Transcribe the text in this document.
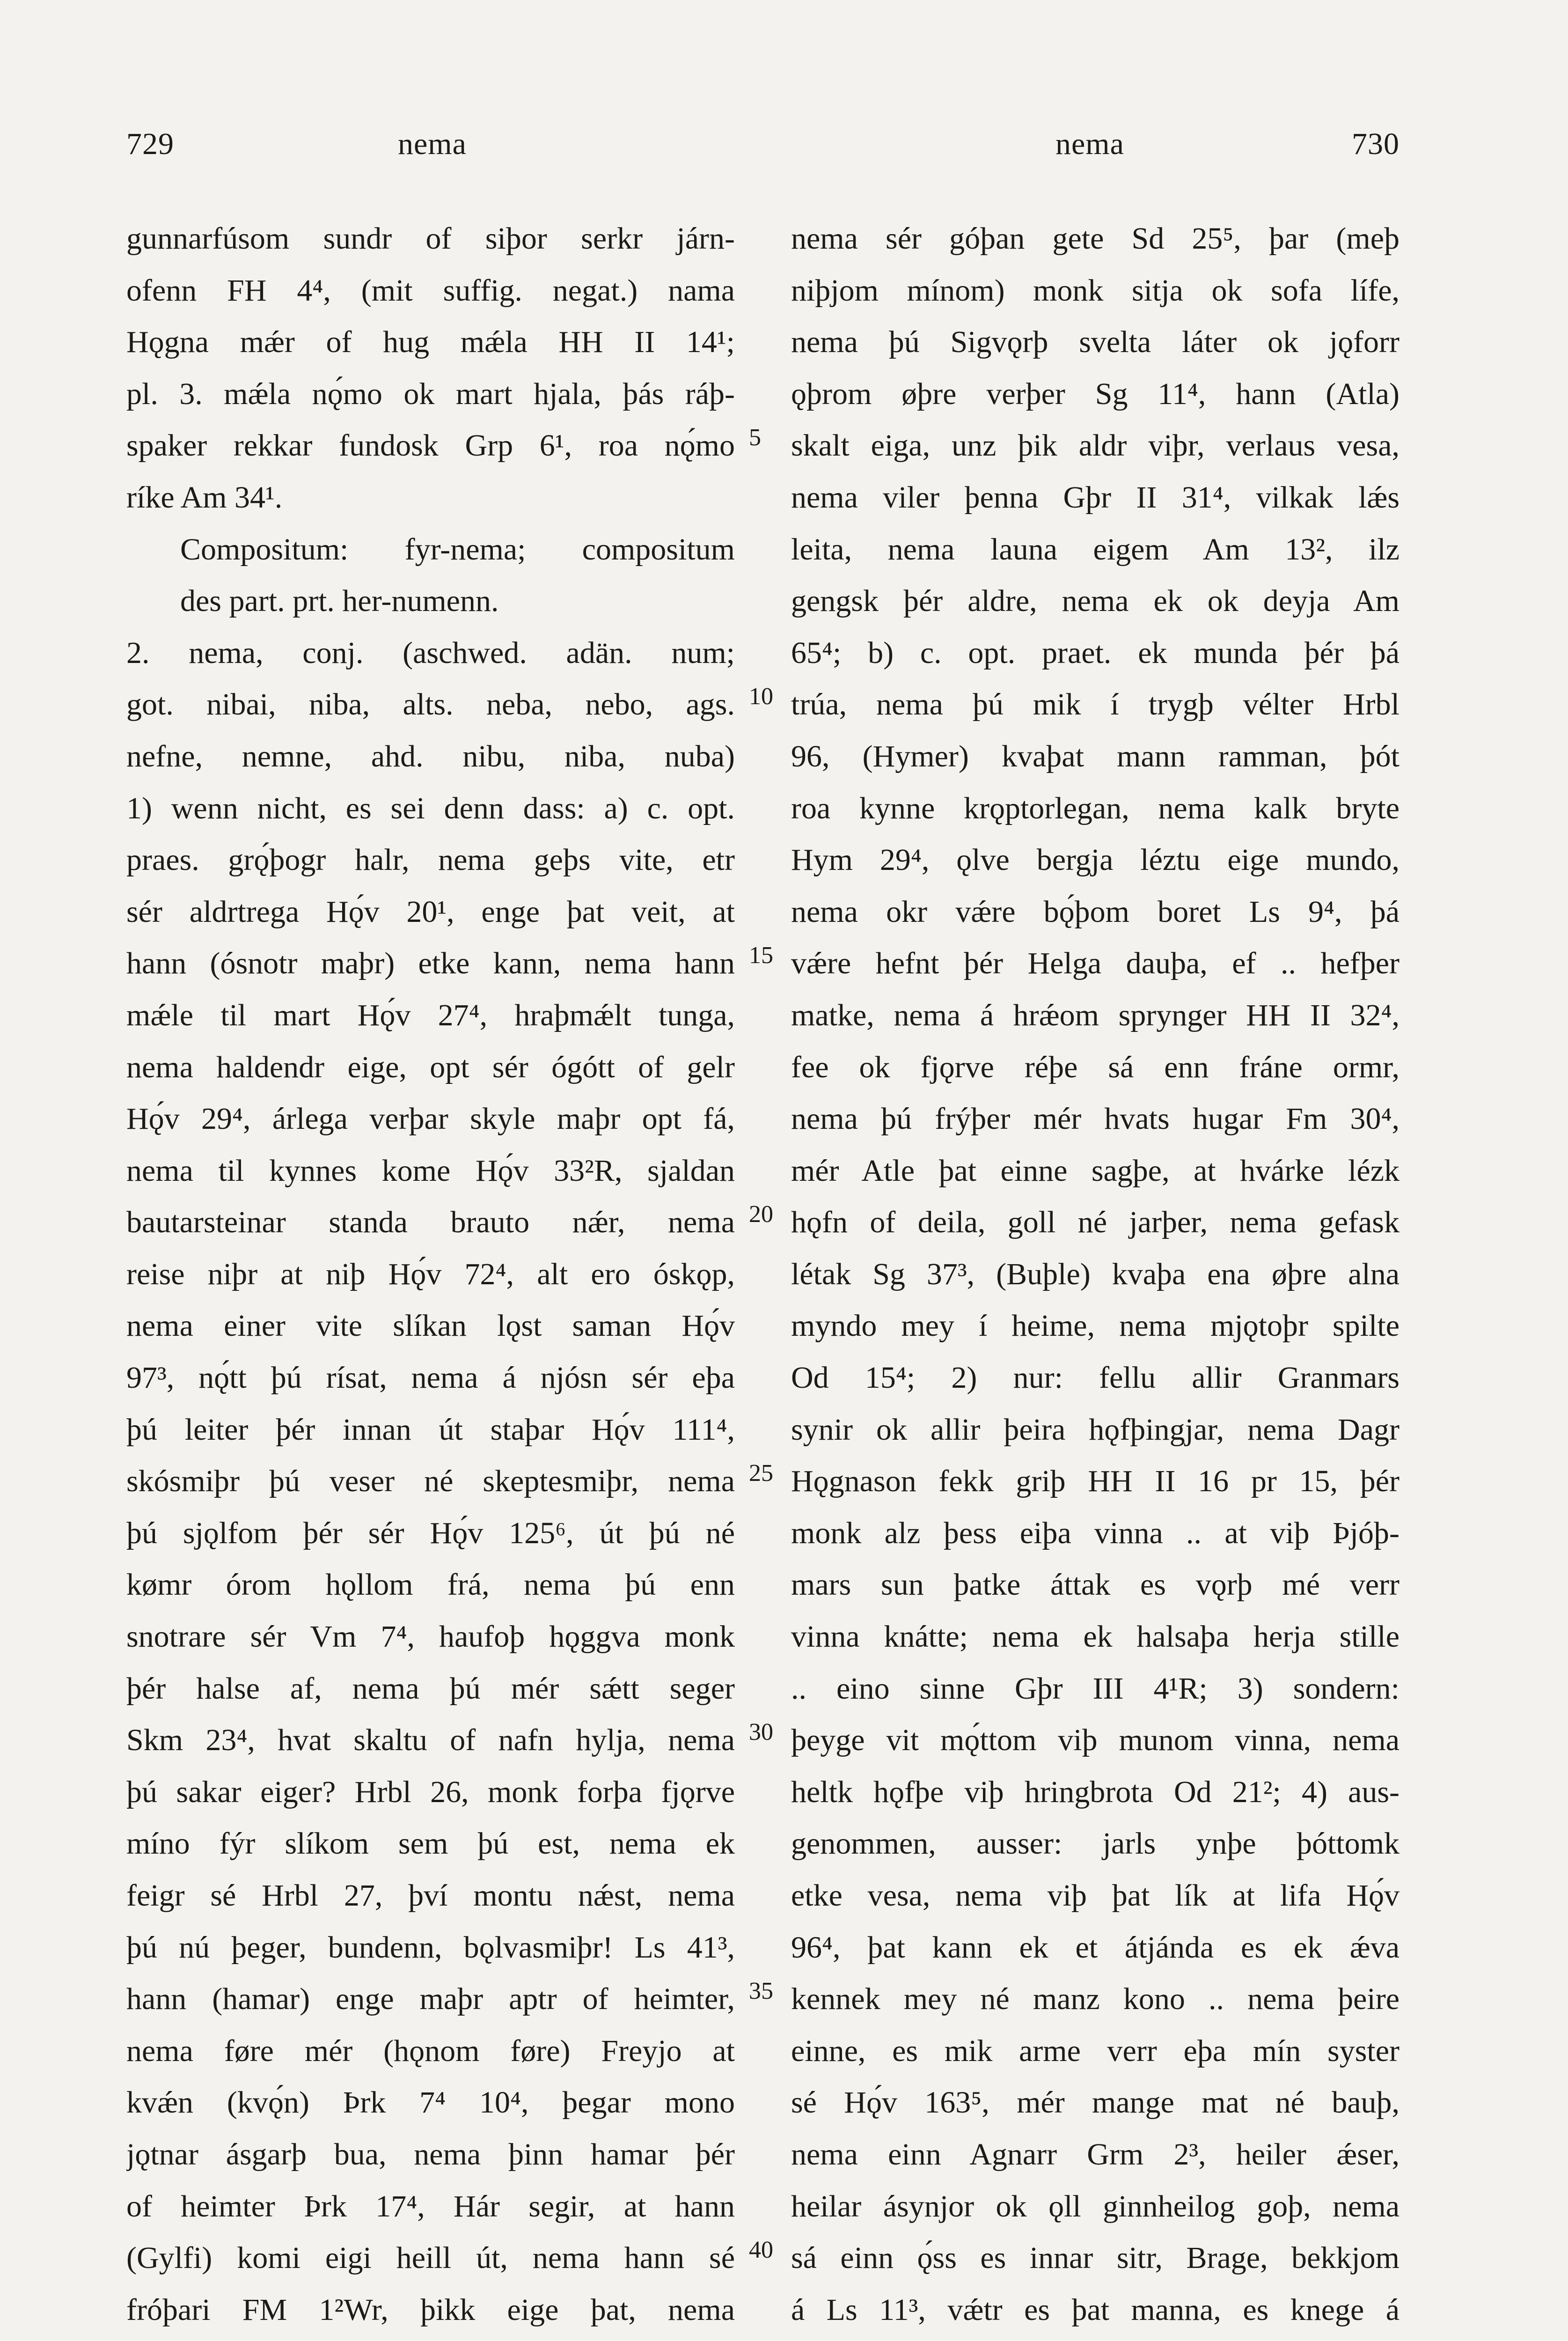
729	nema	nema	730
gunnarfúsom sundr of siþor serkr járn-
ofenn FH 4⁴, (mit suffig. negat.) nama
Hǫgna mǽr of hug mǽla HH II 14¹;
pl. 3. mǽla nǫ́mo ok mart hjala, þás ráþ-
spaker rekkar fundosk Grp 6¹, roa nǫ́mo
ríke Am 34¹.
Compositum: fyr-nema; compositum
des part. prt. her-numenn.
2. nema, conj. (aschwed. adän. num;
got. nibai, niba, alts. neba, nebo, ags.
nefne, nemne, ahd. nibu, niba, nuba)
1) wenn nicht, es sei denn dass: a) c. opt.
praes. grǫ́þogr halr, nema geþs vite, etr
sér aldrtrega Hǫ́v 20¹, enge þat veit, at
hann (ósnotr maþr) etke kann, nema hann
mǽle til mart Hǫ́v 27⁴, hraþmǽlt tunga,
nema haldendr eige, opt sér ógótt of gelr
Hǫ́v 29⁴, árlega verþar skyle maþr opt fá,
nema til kynnes kome Hǫ́v 33²R, sjaldan
bautarsteinar standa brauto nǽr, nema
reise niþr at niþ Hǫ́v 72⁴, alt ero óskǫp,
nema einer vite slíkan lǫst saman Hǫ́v
97³, nǫ́tt þú rísat, nema á njósn sér eþa
þú leiter þér innan út staþar Hǫ́v 111⁴,
skósmiþr þú veser né skeptesmiþr, nema
þú sjǫlfom þér sér Hǫ́v 125⁶, út þú né
kømr órom hǫllom frá, nema þú enn
snotrare sér Vm 7⁴, haufoþ hǫggva monk
þér halse af, nema þú mér sǽtt seger
Skm 23⁴, hvat skaltu of nafn hylja, nema
þú sakar eiger? Hrbl 26, monk forþa fjǫrve
míno fýr slíkom sem þú est, nema ek
feigr sé Hrbl 27, því montu nǽst, nema
þú nú þeger, bundenn, bǫlvasmiþr! Ls 41³,
hann (hamar) enge maþr aptr of heimter,
nema føre mér (hǫnom føre) Freyjo at
kvǽn (kvǫ́n) Þrk 7⁴ 10⁴, þegar mono
jǫtnar ásgarþ bua, nema þinn hamar þér
of heimter Þrk 17⁴, Hár segir, at hann
(Gylfi) komi eigi heill út, nema hann sé
fróþari FM 1²Wr, þikk eige þat, nema
5
10
15
20
25
30
35
40
nema sér góþan gete Sd 25⁵, þar (meþ
niþjom mínom) monk sitja ok sofa lífe,
nema þú Sigvǫrþ svelta láter ok jǫforr
ǫþrom øþre verþer Sg 11⁴, hann (Atla)
skalt eiga, unz þik aldr viþr, verlaus vesa,
nema viler þenna Gþr II 31⁴, vilkak lǽs
leita, nema launa eigem Am 13², ilz
gengsk þér aldre, nema ek ok deyja Am
65⁴; b) c. opt. praet. ek munda þér þá
trúa, nema þú mik í trygþ vélter Hrbl
96, (Hymer) kvaþat mann ramman, þót
roa kynne krǫptorlegan, nema kalk bryte
Hym 29⁴, ǫlve bergja léztu eige mundo,
nema okr vǽre bǫ́þom boret Ls 9⁴, þá
vǽre hefnt þér Helga dauþa, ef .. hefþer
matke, nema á hrǽom sprynger HH II 32⁴,
fee ok fjǫrve réþe sá enn fráne ormr,
nema þú frýþer mér hvats hugar Fm 30⁴,
mér Atle þat einne sagþe, at hvárke lézk
hǫfn of deila, goll né jarþer, nema gefask
létak Sg 37³, (Buþle) kvaþa ena øþre alna
myndo mey í heime, nema mjǫtoþr spilte
Od 15⁴; 2) nur: fellu allir Granmars
synir ok allir þeira hǫfþingjar, nema Dagr
Hǫgnason fekk griþ HH II 16 pr 15, þér
monk alz þess eiþa vinna .. at viþ Þjóþ-
mars sun þatke áttak es vǫrþ mé verr
vinna knátte; nema ek halsaþa herja stille
.. eino sinne Gþr III 4¹R; 3) sondern:
þeyge vit mǫ́ttom viþ munom vinna, nema
heltk hǫfþe viþ hringbrota Od 21²; 4) aus-
genommen, ausser: jarls ynþe þóttomk
etke vesa, nema viþ þat lík at lifa Hǫ́v
96⁴, þat kann ek et átjánda es ek ǽva
kennek mey né manz kono .. nema þeire
einne, es mik arme verr eþa mín syster
sé Hǫ́v 163⁵, mér mange mat né bauþ,
nema einn Agnarr Grm 2³, heiler ǽser,
heilar ásynjor ok ǫll ginnheilog goþ, nema
sá einn ǫ́ss es innar sitr, Brage, bekkjom
á Ls 11³, vǽtr es þat manna, es knege á
